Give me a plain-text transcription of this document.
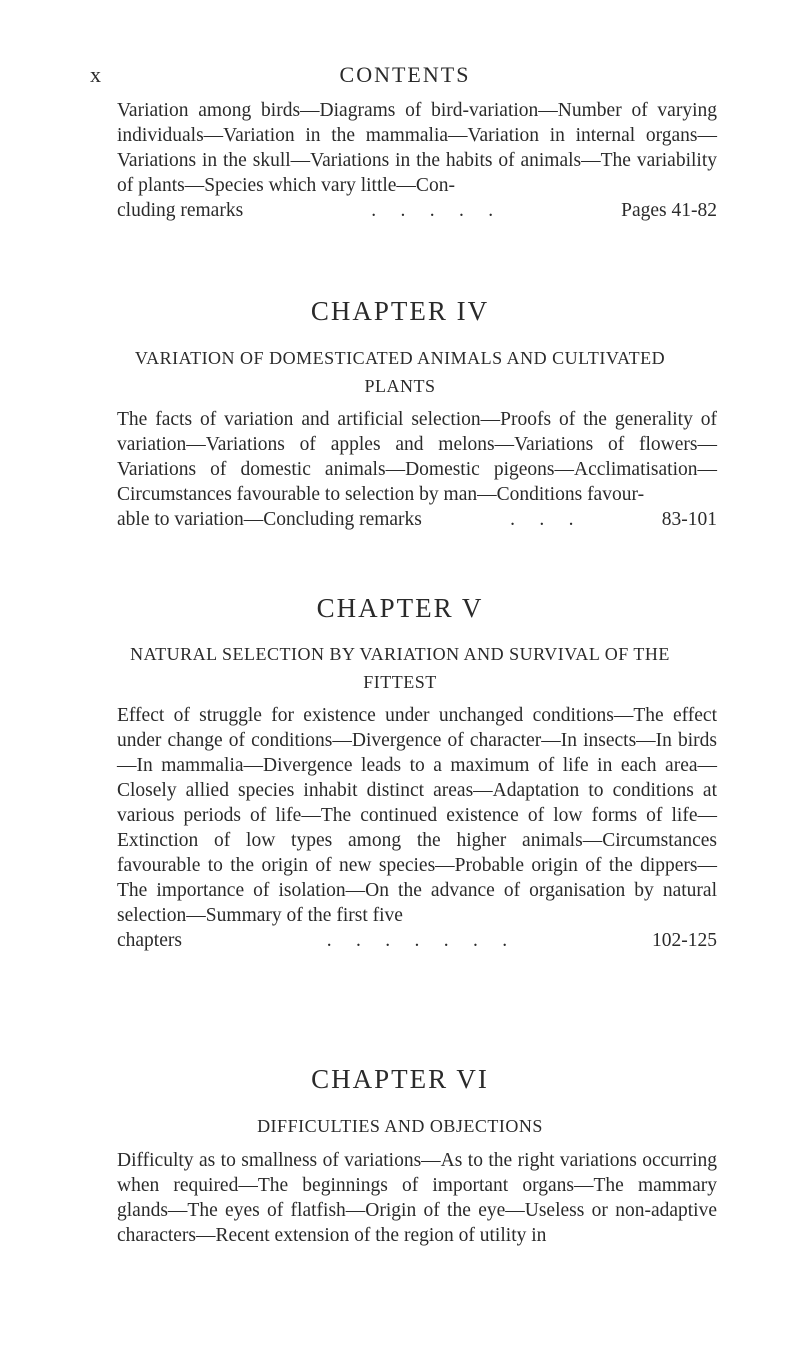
x	CONTENTS
Variation among birds—Diagrams of bird-variation—Number of varying individuals—Variation in the mammalia—Variation in internal organs—Variations in the skull—Variations in the habits of animals—The variability of plants—Species which vary little—Con-
cluding remarks	.     .     .     .     .	Pages 41-82
CHAPTER IV
VARIATION OF DOMESTICATED ANIMALS AND CULTIVATED PLANTS
The facts of variation and artificial selection—Proofs of the generality of variation—Variations of apples and melons—Variations of flowers—Variations of domestic animals—Domestic pigeons—Acclimatisation—Circumstances favourable to selection by man—Conditions favour-
able to variation—Concluding remarks	.     .     .	83-101
CHAPTER V
NATURAL SELECTION BY VARIATION AND SURVIVAL OF THE FITTEST
Effect of struggle for existence under unchanged conditions—The effect under change of conditions—Divergence of character—In insects—In birds—In mammalia—Divergence leads to a maximum of life in each area—Closely allied species inhabit distinct areas—Adaptation to conditions at various periods of life—The continued existence of low forms of life—Extinction of low types among the higher animals—Circumstances favourable to the origin of new species—Probable origin of the dippers—The importance of isolation—On the advance of organisation by natural selection—Summary of the first five
chapters	.     .     .     .     .     .     .	102-125
CHAPTER VI
DIFFICULTIES AND OBJECTIONS
Difficulty as to smallness of variations—As to the right variations occurring when required—The beginnings of important organs—The mammary glands—The eyes of flatfish—Origin of the eye—Useless or non-adaptive characters—Recent extension of the region of utility in
